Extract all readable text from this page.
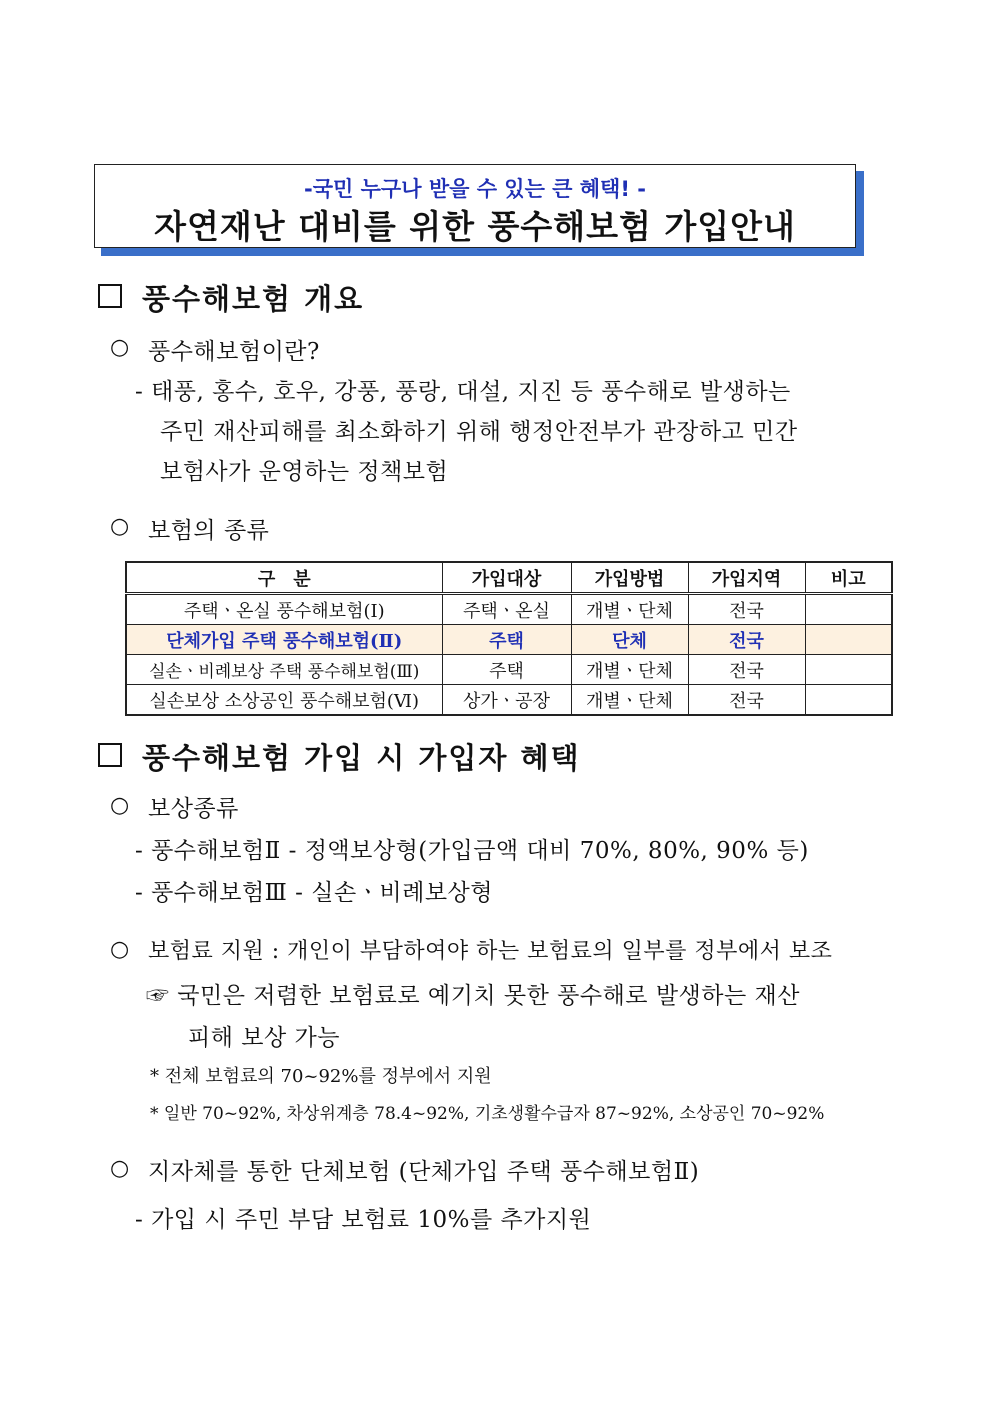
-국민 누구나 받을 수 있는 큰 혜택! -
자연재난 대비를 위한 풍수해보험 가입안내
풍수해보험 개요
○ 풍수해보험이란?
- 태풍, 홍수, 호우, 강풍, 풍랑, 대설, 지진 등 풍수해로 발생하는
주민 재산피해를 최소화하기 위해 행정안전부가 관장하고 민간
보험사가 운영하는 정책보험
○ 보험의 종류
구　분	가입대상	가입방법	가입지역	비고
주택ㆍ온실 풍수해보험(Ⅰ)	주택ㆍ온실	개별ㆍ단체	전국	
단체가입 주택 풍수해보험(Ⅱ)	주택	단체	전국	
실손ㆍ비례보상 주택 풍수해보험(Ⅲ)	주택	개별ㆍ단체	전국	
실손보상 소상공인 풍수해보험(Ⅵ)	상가ㆍ공장	개별ㆍ단체	전국	
풍수해보험 가입 시 가입자 혜택
○ 보상종류
- 풍수해보험Ⅱ - 정액보상형(가입금액 대비 70%, 80%, 90% 등)
- 풍수해보험Ⅲ - 실손ㆍ비례보상형
○ 보험료 지원 : 개인이 부담하여야 하는 보험료의 일부를 정부에서 보조
☞ 국민은 저렴한 보험료로 예기치 못한 풍수해로 발생하는 재산
피해 보상 가능
* 전체 보험료의 70~92%를 정부에서 지원
* 일반 70~92%, 차상위계층 78.4~92%, 기초생활수급자 87~92%, 소상공인 70~92%
○ 지자체를 통한 단체보험 (단체가입 주택 풍수해보험Ⅱ)
- 가입 시 주민 부담 보험료 10%를 추가지원
